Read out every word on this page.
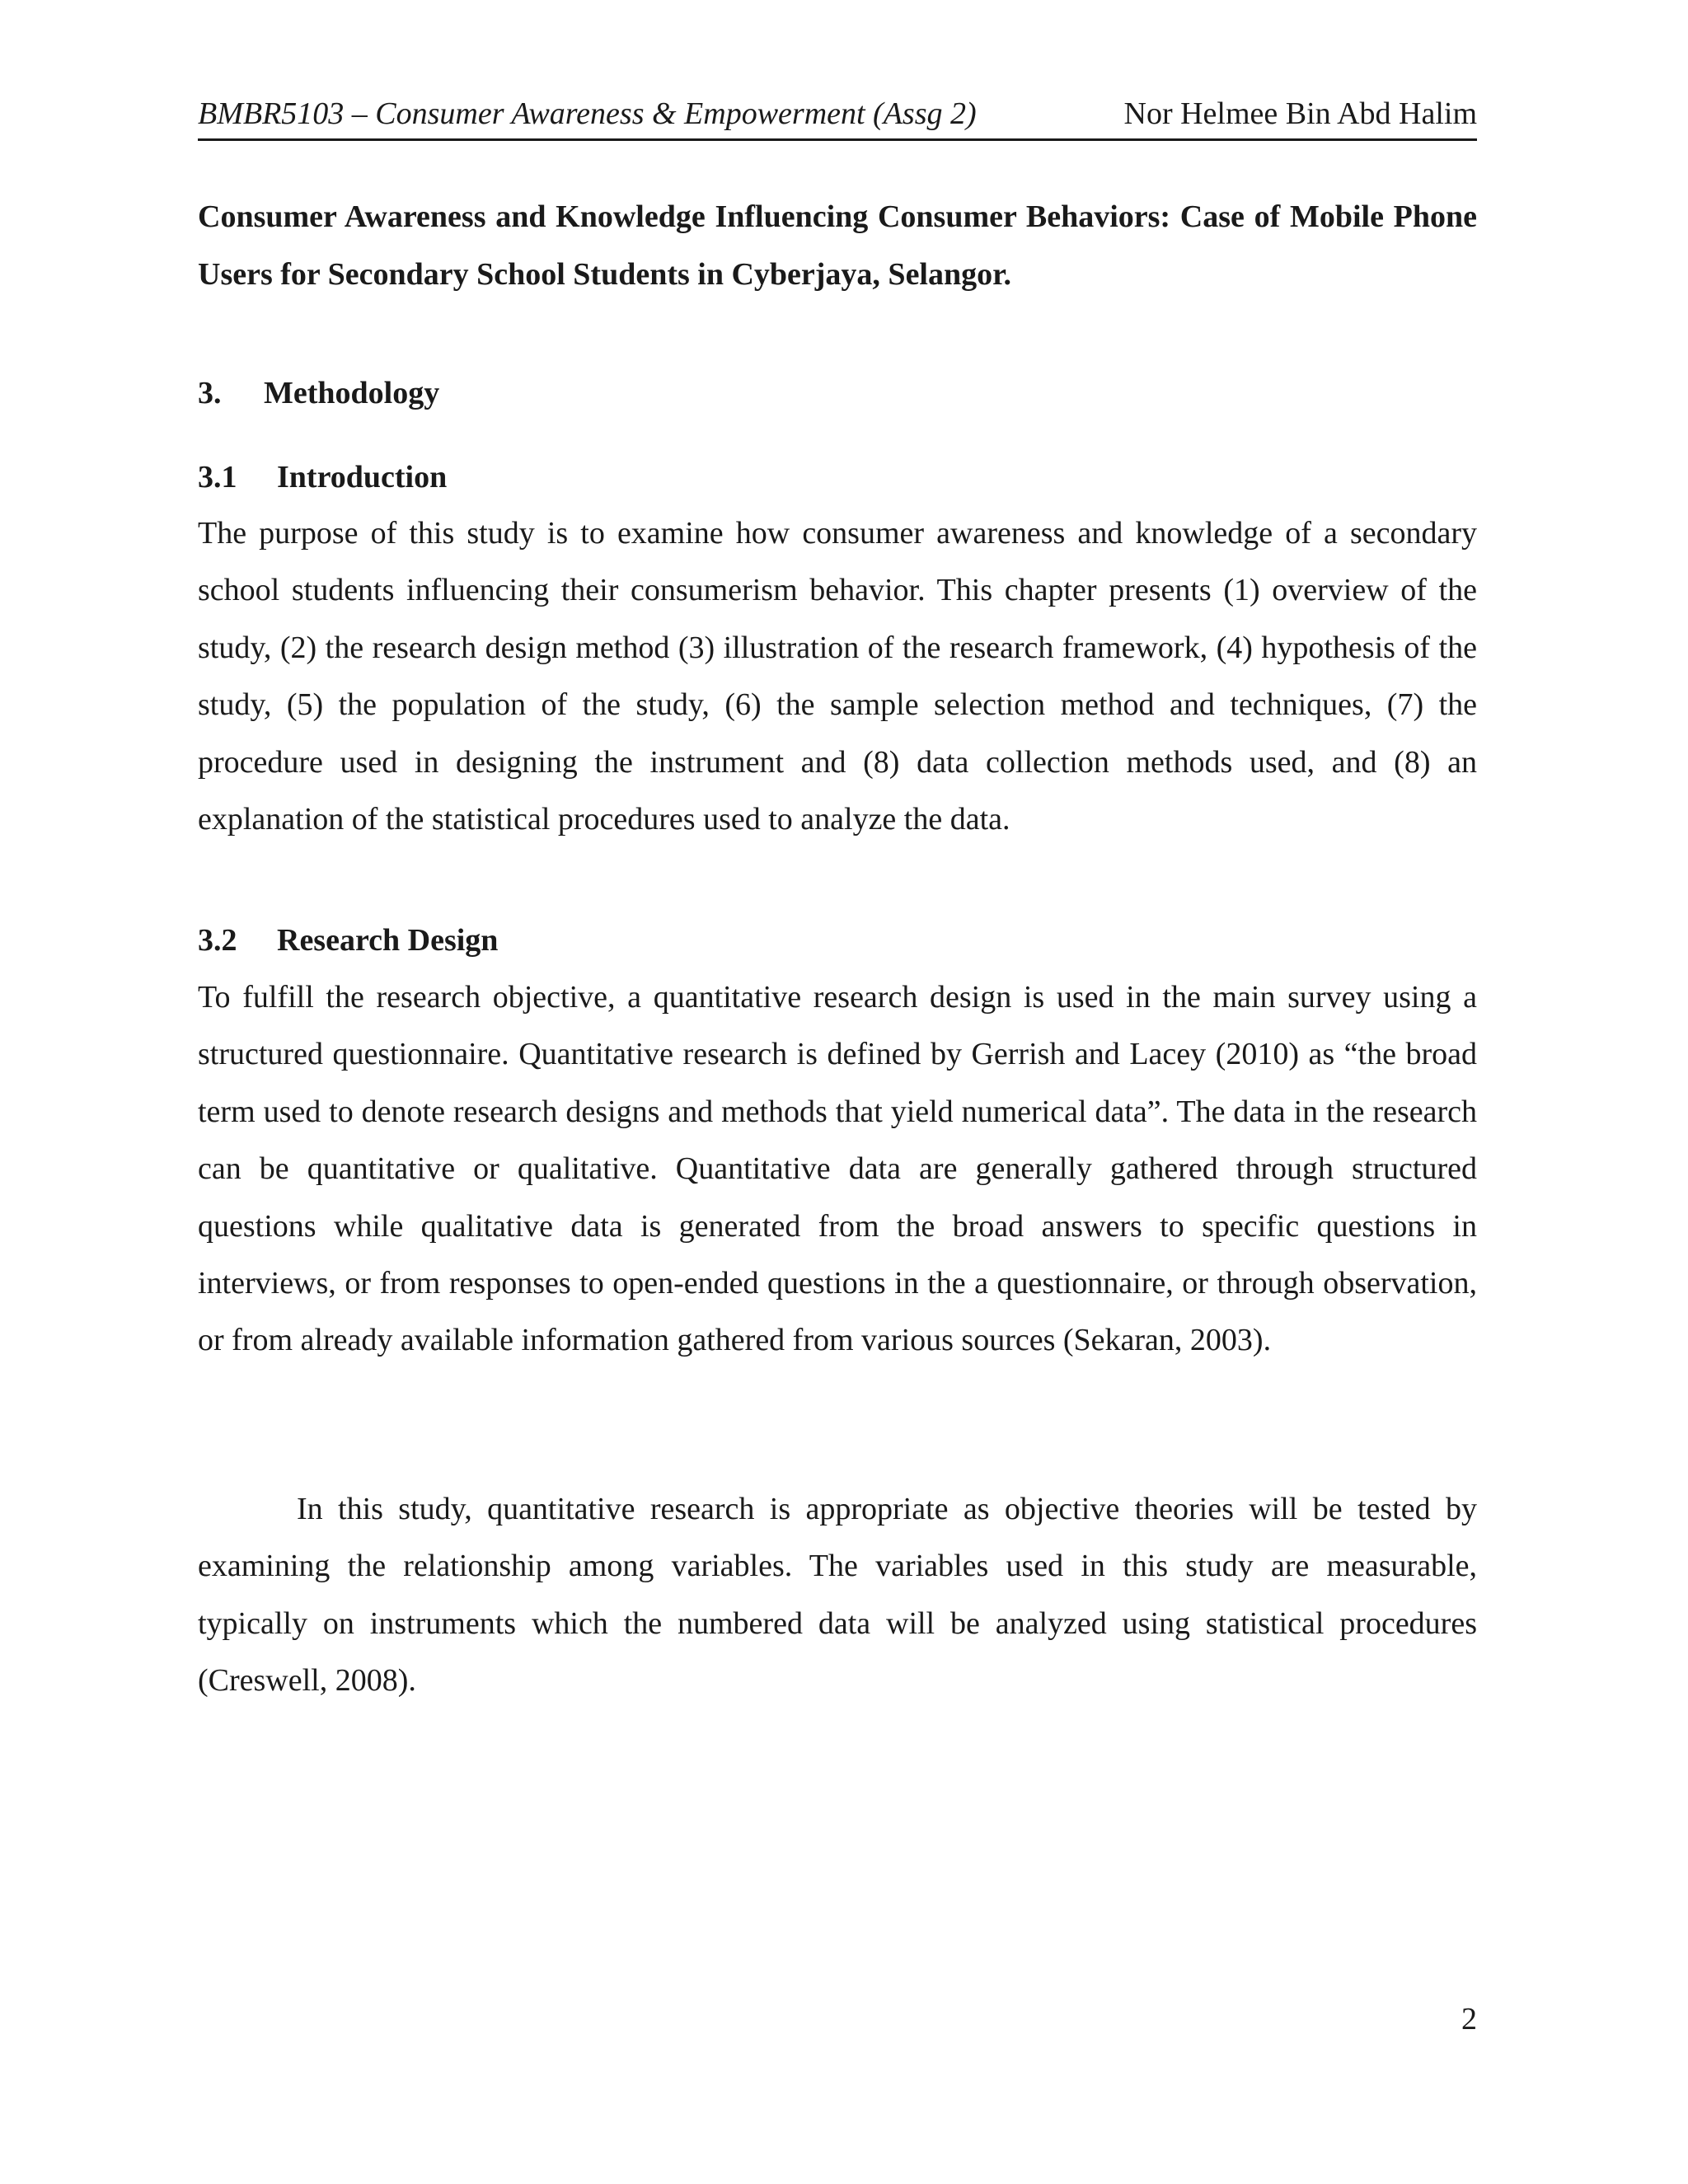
BMBR5103 – Consumer Awareness & Empowerment (Assg 2)	Nor Helmee Bin Abd Halim

Consumer Awareness and Knowledge Influencing Consumer Behaviors: Case of Mobile Phone Users for Secondary School Students in Cyberjaya, Selangor.

3. Methodology
3.1 Introduction

The purpose of this study is to examine how consumer awareness and knowledge of a secondary school students influencing their consumerism behavior. This chapter presents (1) overview of the study, (2) the research design method (3) illustration of the research framework, (4) hypothesis of the study, (5) the population of the study, (6) the sample selection method and techniques, (7) the procedure used in designing the instrument and (8) data collection methods used, and (8) an explanation of the statistical procedures used to analyze the data.

3.2 Research Design

To fulfill the research objective, a quantitative research design is used in the main survey using a structured questionnaire. Quantitative research is defined by Gerrish and Lacey (2010) as “the broad term used to denote research designs and methods that yield numerical data”. The data in the research can be quantitative or qualitative. Quantitative data are generally gathered through structured questions while qualitative data is generated from the broad answers to specific questions in interviews, or from responses to open-ended questions in the a questionnaire, or through observation, or from already available information gathered from various sources (Sekaran, 2003).

In this study, quantitative research is appropriate as objective theories will be tested by examining the relationship among variables. The variables used in this study are measurable, typically on instruments which the numbered data will be analyzed using statistical procedures (Creswell, 2008).

2
